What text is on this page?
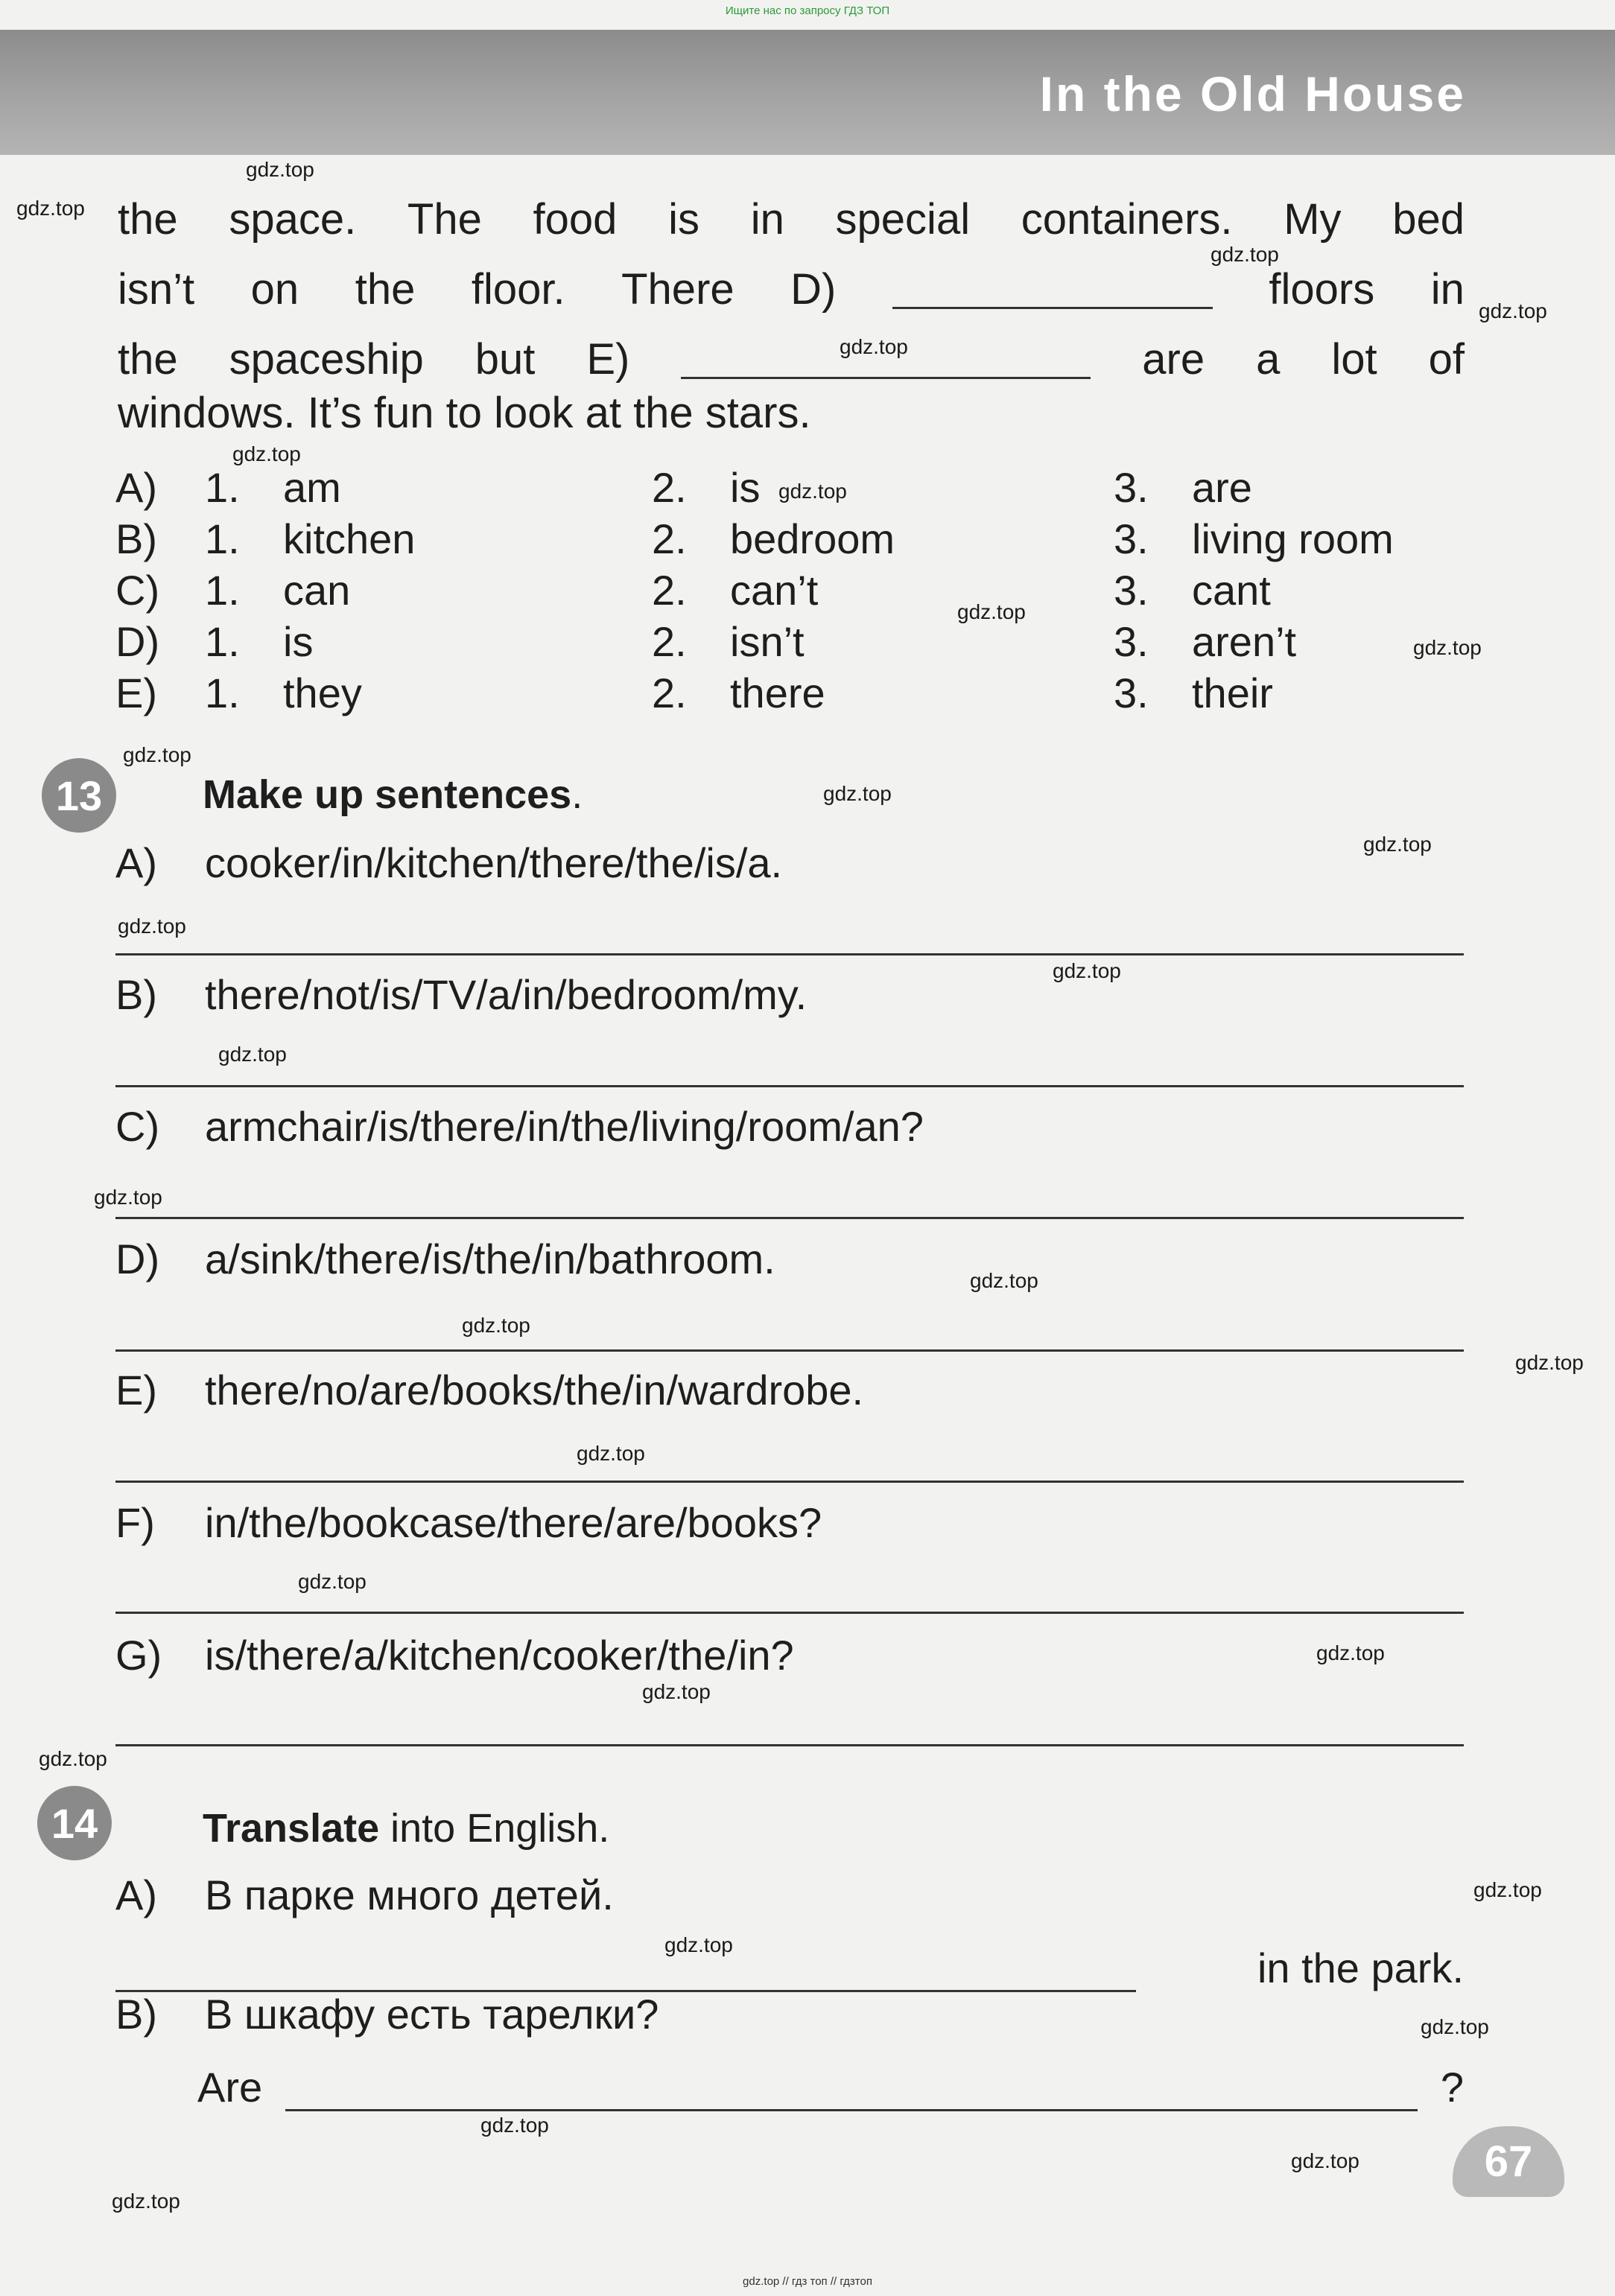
Ищите нас по запросу ГДЗ ТОП
In the Old House
the space. The food is in special containers. My bed
isn’t on the floor. There D)	floors in
the spaceship but E)	are a lot of
windows. It’s fun to look at the stars.
A)	1.	am	2.	is	3.	are
B)	1.	kitchen	2.	bedroom	3.	living room
C)	1.	can	2.	can’t	3.	cant
D)	1.	is	2.	isn’t	3.	aren’t
E)	1.	they	2.	there	3.	their
13	Make up sentences.
A) cooker/in/kitchen/there/the/is/a.
B) there/not/is/TV/a/in/bedroom/my.
C) armchair/is/there/in/the/living/room/an?
D) a/sink/there/is/the/in/bathroom.
E) there/no/are/books/the/in/wardrobe.
F) in/the/bookcase/there/are/books?
G) is/there/a/kitchen/cooker/the/in?
14	Translate into English.
A) В парке много детей.
in the park.
B) В шкафу есть тарелки?
Are	?
gdz.top
gdz.top
gdz.top
gdz.top
gdz.top
gdz.top
gdz.top
gdz.top
gdz.top
gdz.top
gdz.top
gdz.top
gdz.top
gdz.top
gdz.top
gdz.top
gdz.top
gdz.top
gdz.top
gdz.top
gdz.top
gdz.top
gdz.top
gdz.top
gdz.top
gdz.top
gdz.top
gdz.top
gdz.top
gdz.top
67
gdz.top // гдз топ // гдзтоп
